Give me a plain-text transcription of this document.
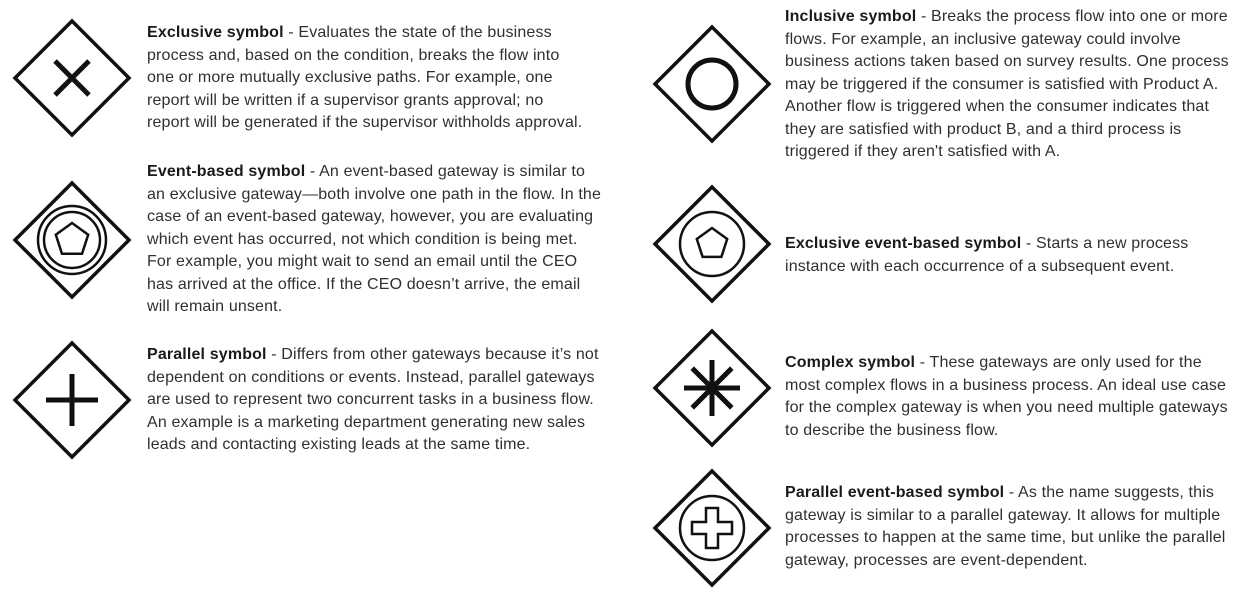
Exclusive symbol - Evaluates the state of the business process and, based on the condition, breaks the flow into one or more mutually exclusive paths. For example, one report will be written if a supervisor grants approval; no report will be generated if the supervisor withholds approval.
Event-based symbol - An event-based gateway is similar to an exclusive gateway—both involve one path in the flow. In the case of an event-based gateway, however, you are evaluating which event has occurred, not which condition is being met. For example, you might wait to send an email until the CEO has arrived at the office. If the CEO doesn’t arrive, the email will remain unsent.
Parallel symbol - Differs from other gateways because it’s not dependent on conditions or events. Instead, parallel gateways are used to represent two concurrent tasks in a business flow. An example is a marketing department generating new sales leads and contacting existing leads at the same time.
Inclusive symbol - Breaks the process flow into one or more flows. For example, an inclusive gateway could involve business actions taken based on survey results. One process may be triggered if the consumer is satisfied with Product A. Another flow is triggered when the consumer indicates that they are satisfied with product B, and a third process is triggered if they aren't satisfied with A.
Exclusive event-based symbol - Starts a new process instance with each occurrence of a subsequent event.
Complex symbol - These gateways are only used for the most complex flows in a business process. An ideal use case for the complex gateway is when you need multiple gateways to describe the business flow.
Parallel event-based symbol - As the name suggests, this gateway is similar to a parallel gateway. It allows for multiple processes to happen at the same time, but unlike the parallel gateway, processes are event-dependent.
